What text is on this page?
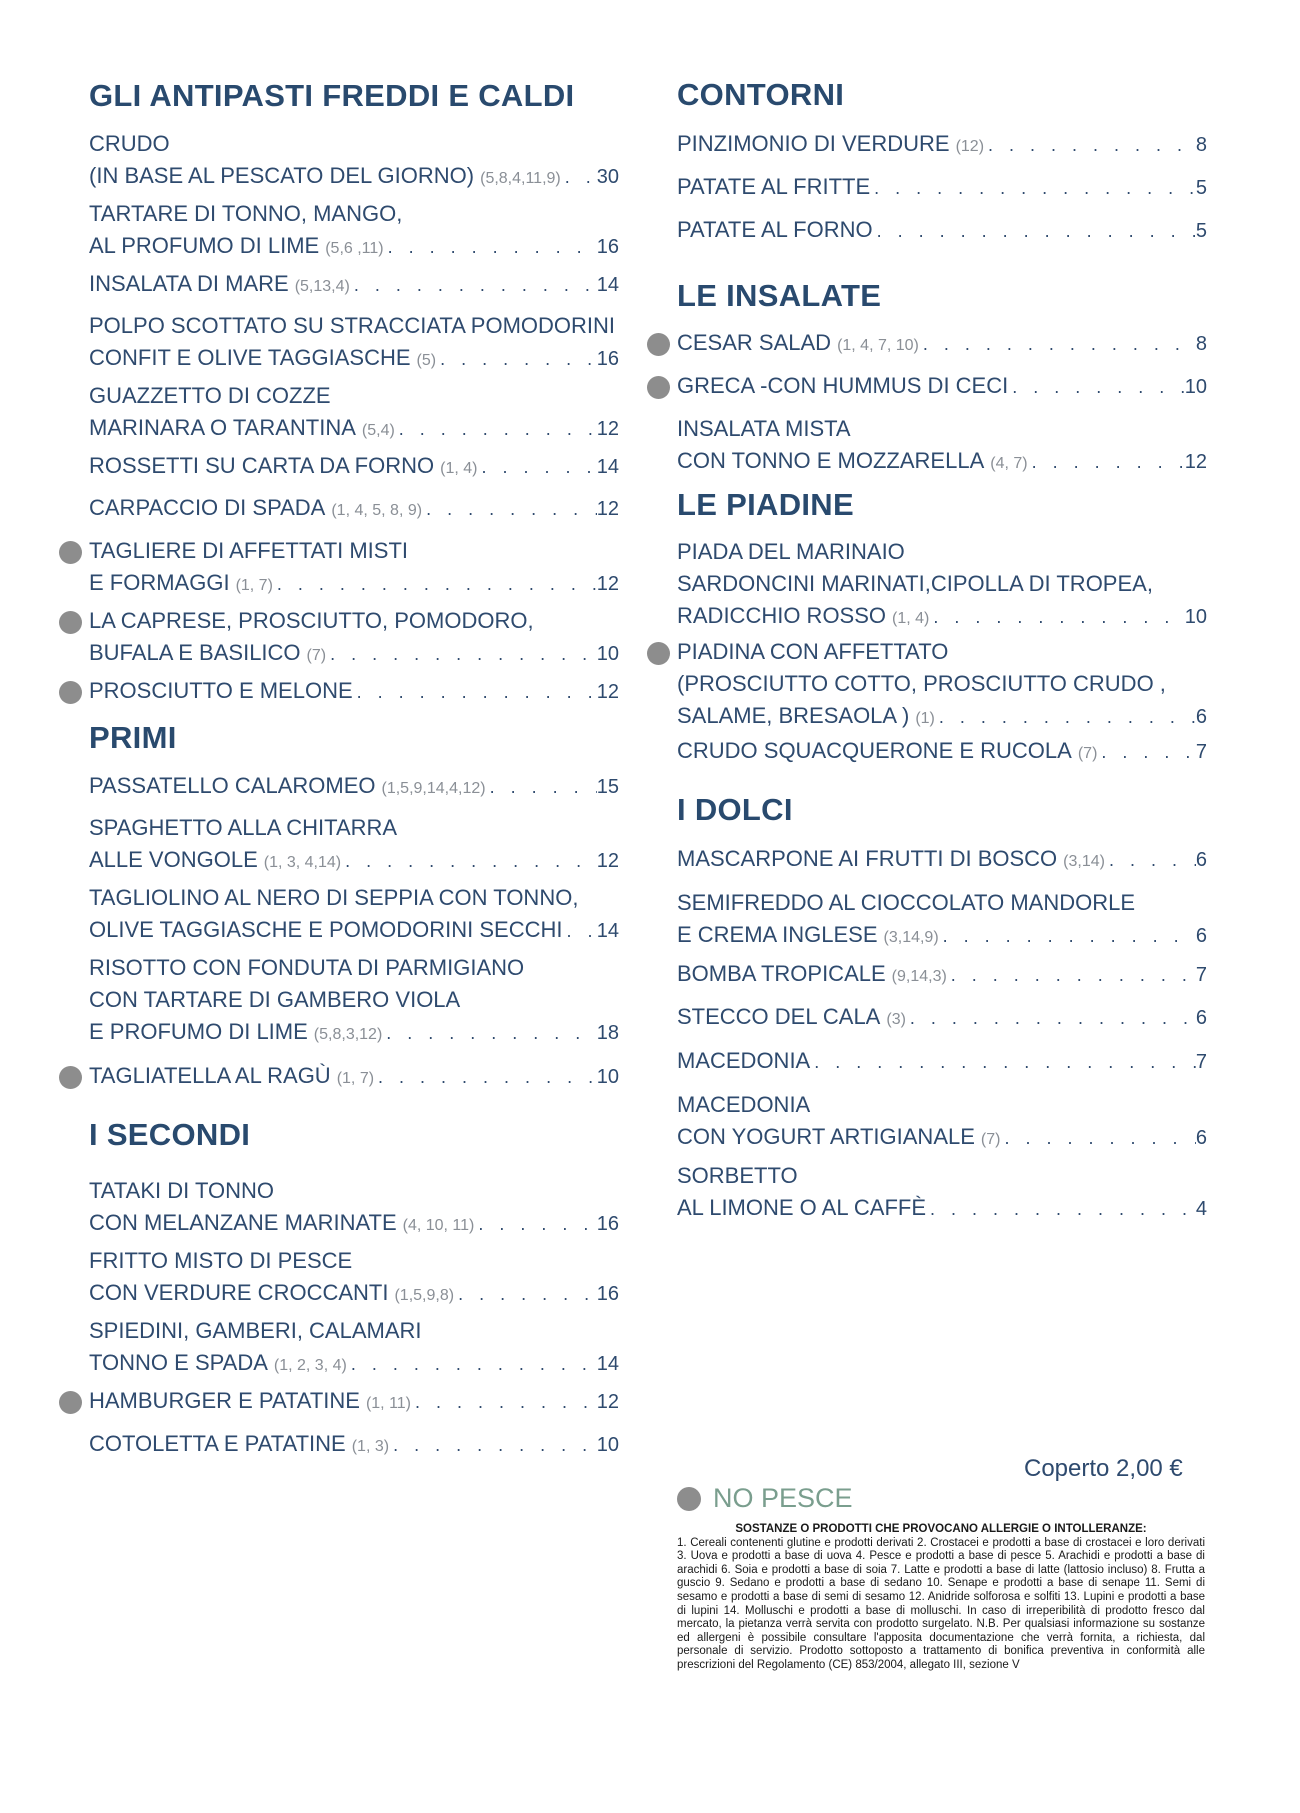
GLI ANTIPASTI FREDDI E CALDI
CRUDO
(IN BASE AL PESCATO DEL GIORNO) (5,8,4,11,9) . . . 30
TARTARE DI TONNO, MANGO,
AL PROFUMO DI LIME (5,6 ,11) . . .	16
INSALATA DI MARE (5,13,4) . . .	14
POLPO SCOTTATO SU STRACCIATA POMODORINI
CONFIT E OLIVE TAGGIASCHE (5) . . .	16
GUAZZETTO DI COZZE
MARINARA O TARANTINA (5,4) . . .	12
ROSSETTI SU CARTA DA FORNO (1, 4) . . .	14
CARPACCIO DI SPADA (1, 4, 5, 8, 9) . . .	12
TAGLIERE DI AFFETTATI MISTI
E FORMAGGI (1, 7) . . .	12
LA CAPRESE, PROSCIUTTO, POMODORO,
BUFALA E BASILICO (7) . . .	10
PROSCIUTTO E MELONE . . .	12
PRIMI
PASSATELLO CALAROMEO (1,5,9,14,4,12) . . .	15
SPAGHETTO ALLA CHITARRA
ALLE VONGOLE (1, 3, 4,14) . . .	12
TAGLIOLINO AL NERO DI SEPPIA CON TONNO,
OLIVE TAGGIASCHE E POMODORINI SECCHI . . . 14
RISOTTO CON FONDUTA DI PARMIGIANO
CON TARTARE DI GAMBERO VIOLA
E PROFUMO DI LIME (5,8,3,12) . . .	18
TAGLIATELLA AL RAGÙ (1, 7) . . .	10
I SECONDI
TATAKI DI TONNO
CON MELANZANE MARINATE (4, 10, 11) . . .	16
FRITTO MISTO DI PESCE
CON VERDURE CROCCANTI (1,5,9,8) . . .	16
SPIEDINI, GAMBERI, CALAMARI
TONNO E SPADA (1, 2, 3, 4) . . .	14
HAMBURGER E PATATINE (1, 11) . . .	12
COTOLETTA E PATATINE (1, 3) . . .	10
CONTORNI
PINZIMONIO DI VERDURE (12) . . .	8
PATATE AL FRITTE . . .	5
PATATE AL FORNO . . .	5
LE INSALATE
CESAR SALAD (1, 4, 7, 10) . . .	8
GRECA -CON HUMMUS DI CECI . . .	10
INSALATA MISTA
CON TONNO E MOZZARELLA (4, 7) . . .	12
LE PIADINE
PIADA DEL MARINAIO
SARDONCINI MARINATI,CIPOLLA DI TROPEA,
RADICCHIO ROSSO (1, 4) . . .	10
PIADINA CON AFFETTATO
(PROSCIUTTO COTTO, PROSCIUTTO CRUDO ,
SALAME, BRESAOLA ) (1) . . .	6
CRUDO SQUACQUERONE E RUCOLA (7) . . .	7
I DOLCI
MASCARPONE AI FRUTTI DI BOSCO (3,14) . . .	6
SEMIFREDDO AL CIOCCOLATO MANDORLE
E CREMA INGLESE (3,14,9) . . .	6
BOMBA TROPICALE (9,14,3) . . .	7
STECCO DEL CALA (3) . . .	6
MACEDONIA . . .	7
MACEDONIA
CON YOGURT ARTIGIANALE (7) . . .	6
SORBETTO
AL LIMONE O AL CAFFÈ . . .	4
Coperto 2,00 €
NO PESCE
SOSTANZE O PRODOTTI CHE PROVOCANO ALLERGIE O INTOLLERANZE:
1. Cereali contenenti glutine e prodotti derivati 2. Crostacei e prodotti a base di crostacei e loro derivati 3. Uova e prodotti a base di uova 4. Pesce e prodotti a base di pesce 5. Arachidi e prodotti a base di arachidi 6. Soia e prodotti a base di soia 7. Latte e prodotti a base di latte (lattosio incluso) 8. Frutta a guscio 9. Sedano e prodotti a base di sedano 10. Senape e prodotti a base di senape 11. Semi di sesamo e prodotti a base di semi di sesamo 12. Anidride solforosa e solfiti 13. Lupini e prodotti a base di lupini 14. Molluschi e prodotti a base di molluschi. In caso di irreperibilità di prodotto fresco dal mercato, la pietanza verrà servita con prodotto surgelato. N.B. Per qualsiasi informazione su sostanze ed allergeni è possibile consultare l'apposita documentazione che verrà fornita, a richiesta, dal personale di servizio. Prodotto sottoposto a trattamento di bonifica preventiva in conformità alle prescrizioni del Regolamento (CE) 853/2004, allegato III, sezione V
